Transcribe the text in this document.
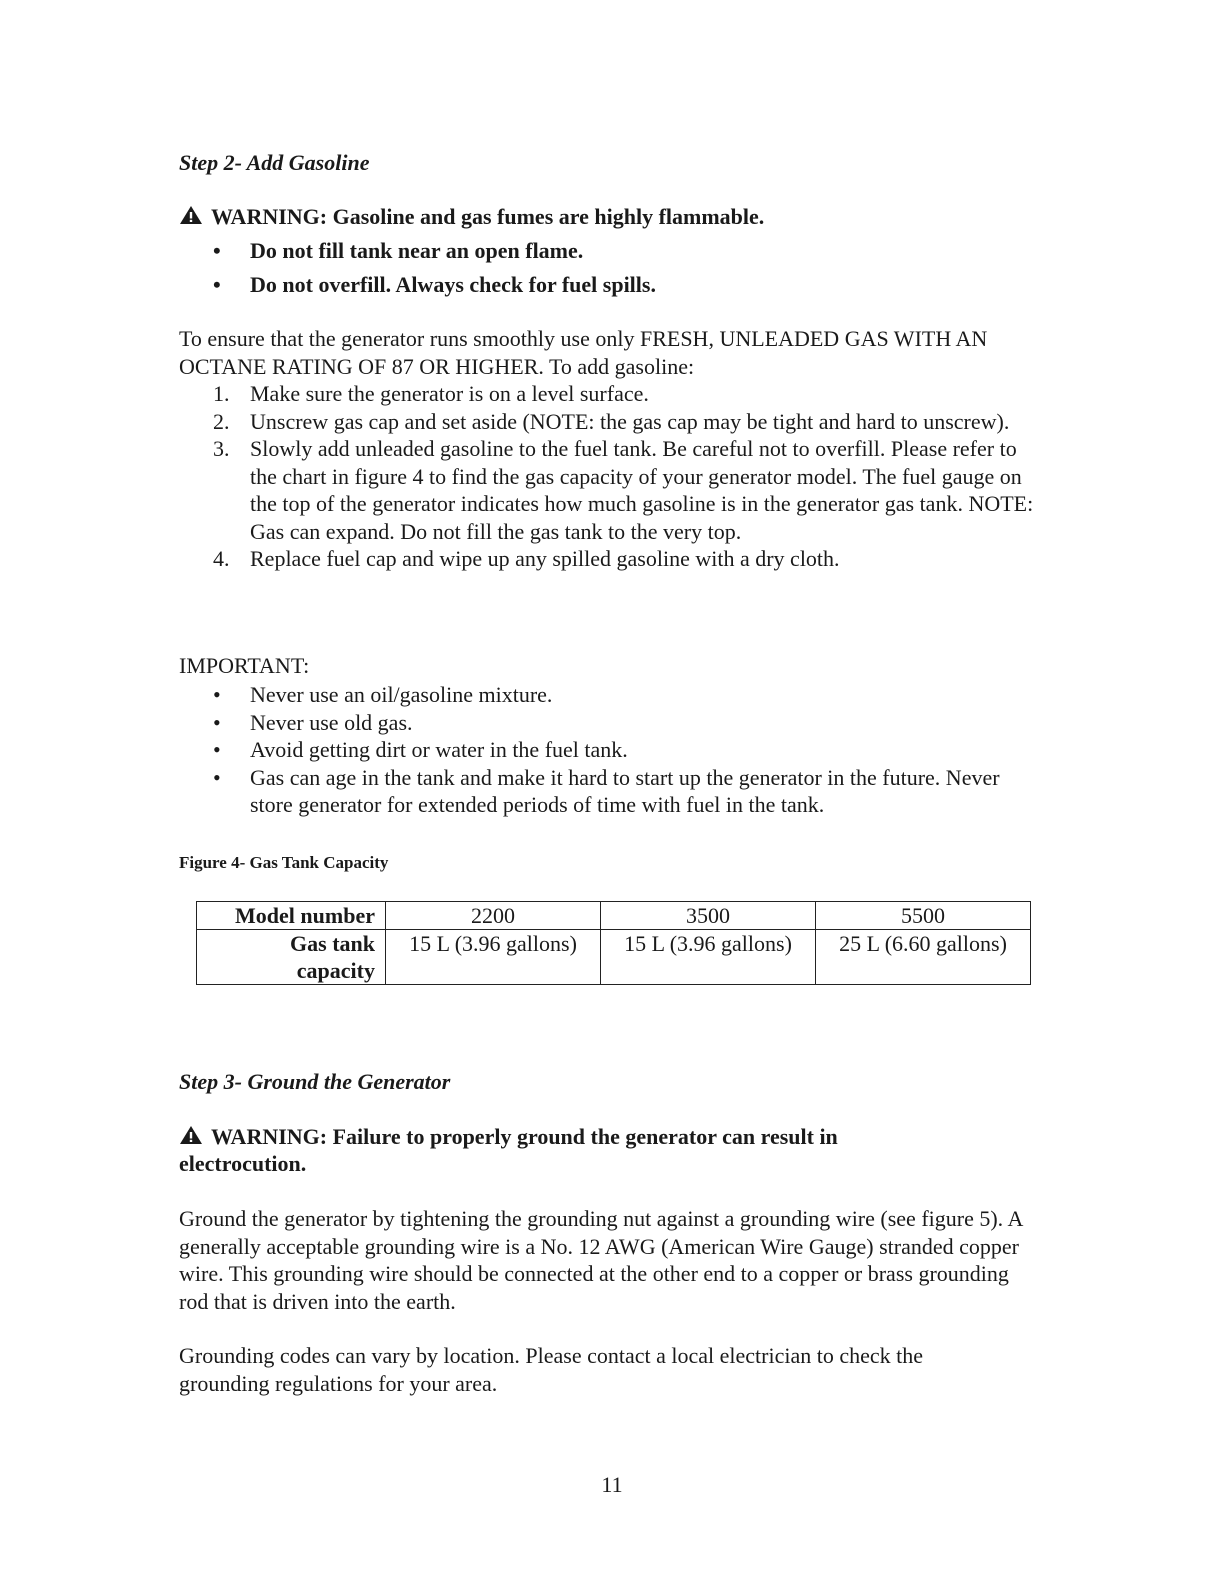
Step 2- Add Gasoline
WARNING: Gasoline and gas fumes are highly flammable.
• Do not fill tank near an open flame.
• Do not overfill. Always check for fuel spills.
To ensure that the generator runs smoothly use only FRESH, UNLEADED GAS WITH AN OCTANE RATING OF 87 OR HIGHER. To add gasoline:
1. Make sure the generator is on a level surface.
2. Unscrew gas cap and set aside (NOTE: the gas cap may be tight and hard to unscrew).
3. Slowly add unleaded gasoline to the fuel tank. Be careful not to overfill. Please refer to the chart in figure 4 to find the gas capacity of your generator model. The fuel gauge on the top of the generator indicates how much gasoline is in the generator gas tank. NOTE: Gas can expand. Do not fill the gas tank to the very top.
4. Replace fuel cap and wipe up any spilled gasoline with a dry cloth.
IMPORTANT:
• Never use an oil/gasoline mixture.
• Never use old gas.
• Avoid getting dirt or water in the fuel tank.
• Gas can age in the tank and make it hard to start up the generator in the future. Never store generator for extended periods of time with fuel in the tank.
Figure 4- Gas Tank Capacity
Model number	2200	3500	5500
Gas tank capacity	15 L (3.96 gallons)	15 L (3.96 gallons)	25 L (6.60 gallons)
Step 3- Ground the Generator
WARNING: Failure to properly ground the generator can result in electrocution.
Ground the generator by tightening the grounding nut against a grounding wire (see figure 5). A generally acceptable grounding wire is a No. 12 AWG (American Wire Gauge) stranded copper wire. This grounding wire should be connected at the other end to a copper or brass grounding rod that is driven into the earth.
Grounding codes can vary by location. Please contact a local electrician to check the grounding regulations for your area.
11
